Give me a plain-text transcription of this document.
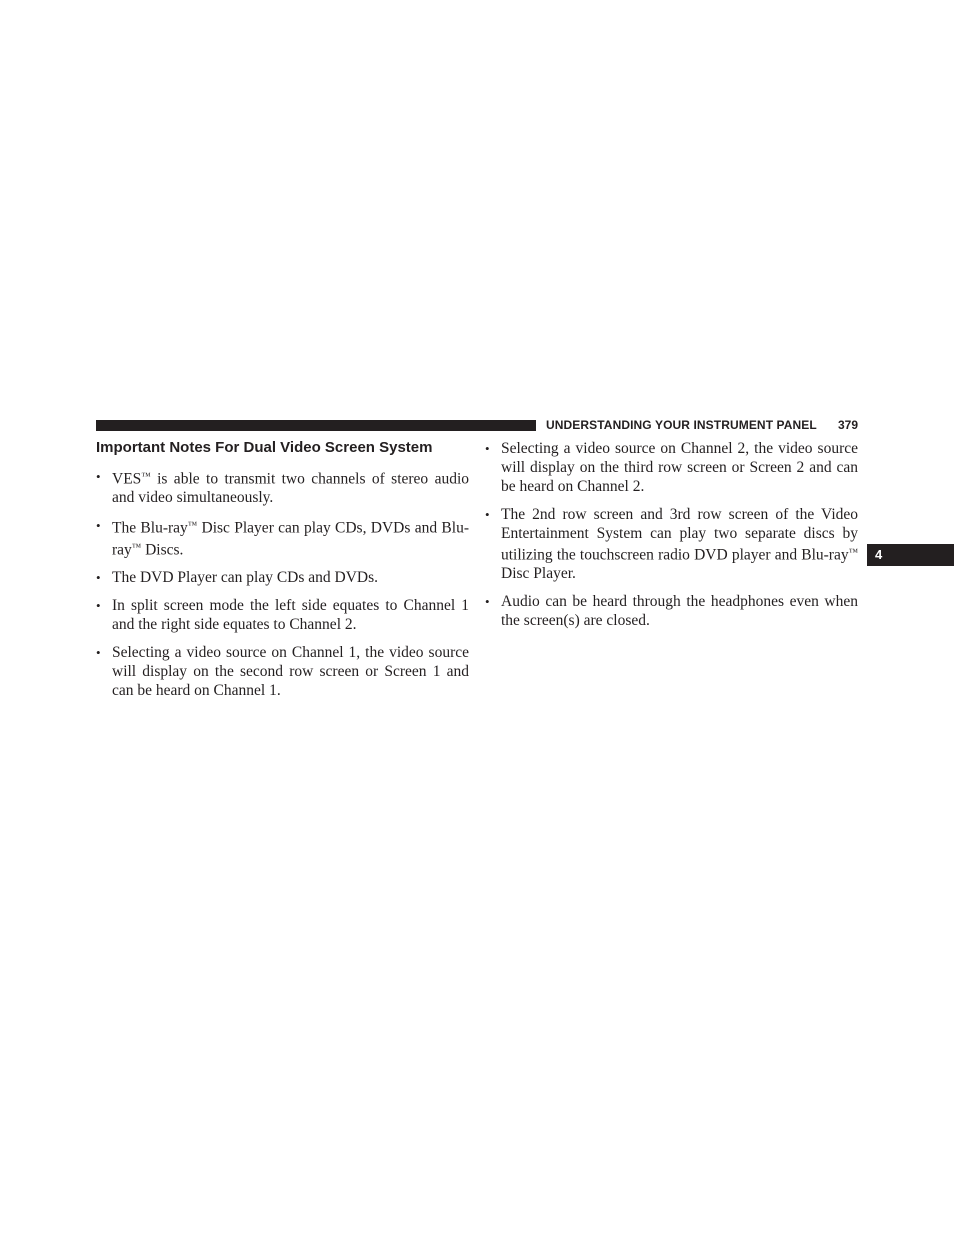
UNDERSTANDING YOUR INSTRUMENT PANEL 379
Important Notes For Dual Video Screen System
• VES™ is able to transmit two channels of stereo audio and video simultaneously.
• The Blu-ray™ Disc Player can play CDs, DVDs and Blu-ray™ Discs.
• The DVD Player can play CDs and DVDs.
• In split screen mode the left side equates to Channel 1 and the right side equates to Channel 2.
• Selecting a video source on Channel 1, the video source will display on the second row screen or Screen 1 and can be heard on Channel 1.
• Selecting a video source on Channel 2, the video source will display on the third row screen or Screen 2 and can be heard on Channel 2.
• The 2nd row screen and 3rd row screen of the Video Entertainment System can play two separate discs by utilizing the touchscreen radio DVD player and Blu-ray™ Disc Player.
• Audio can be heard through the headphones even when the screen(s) are closed.
4
